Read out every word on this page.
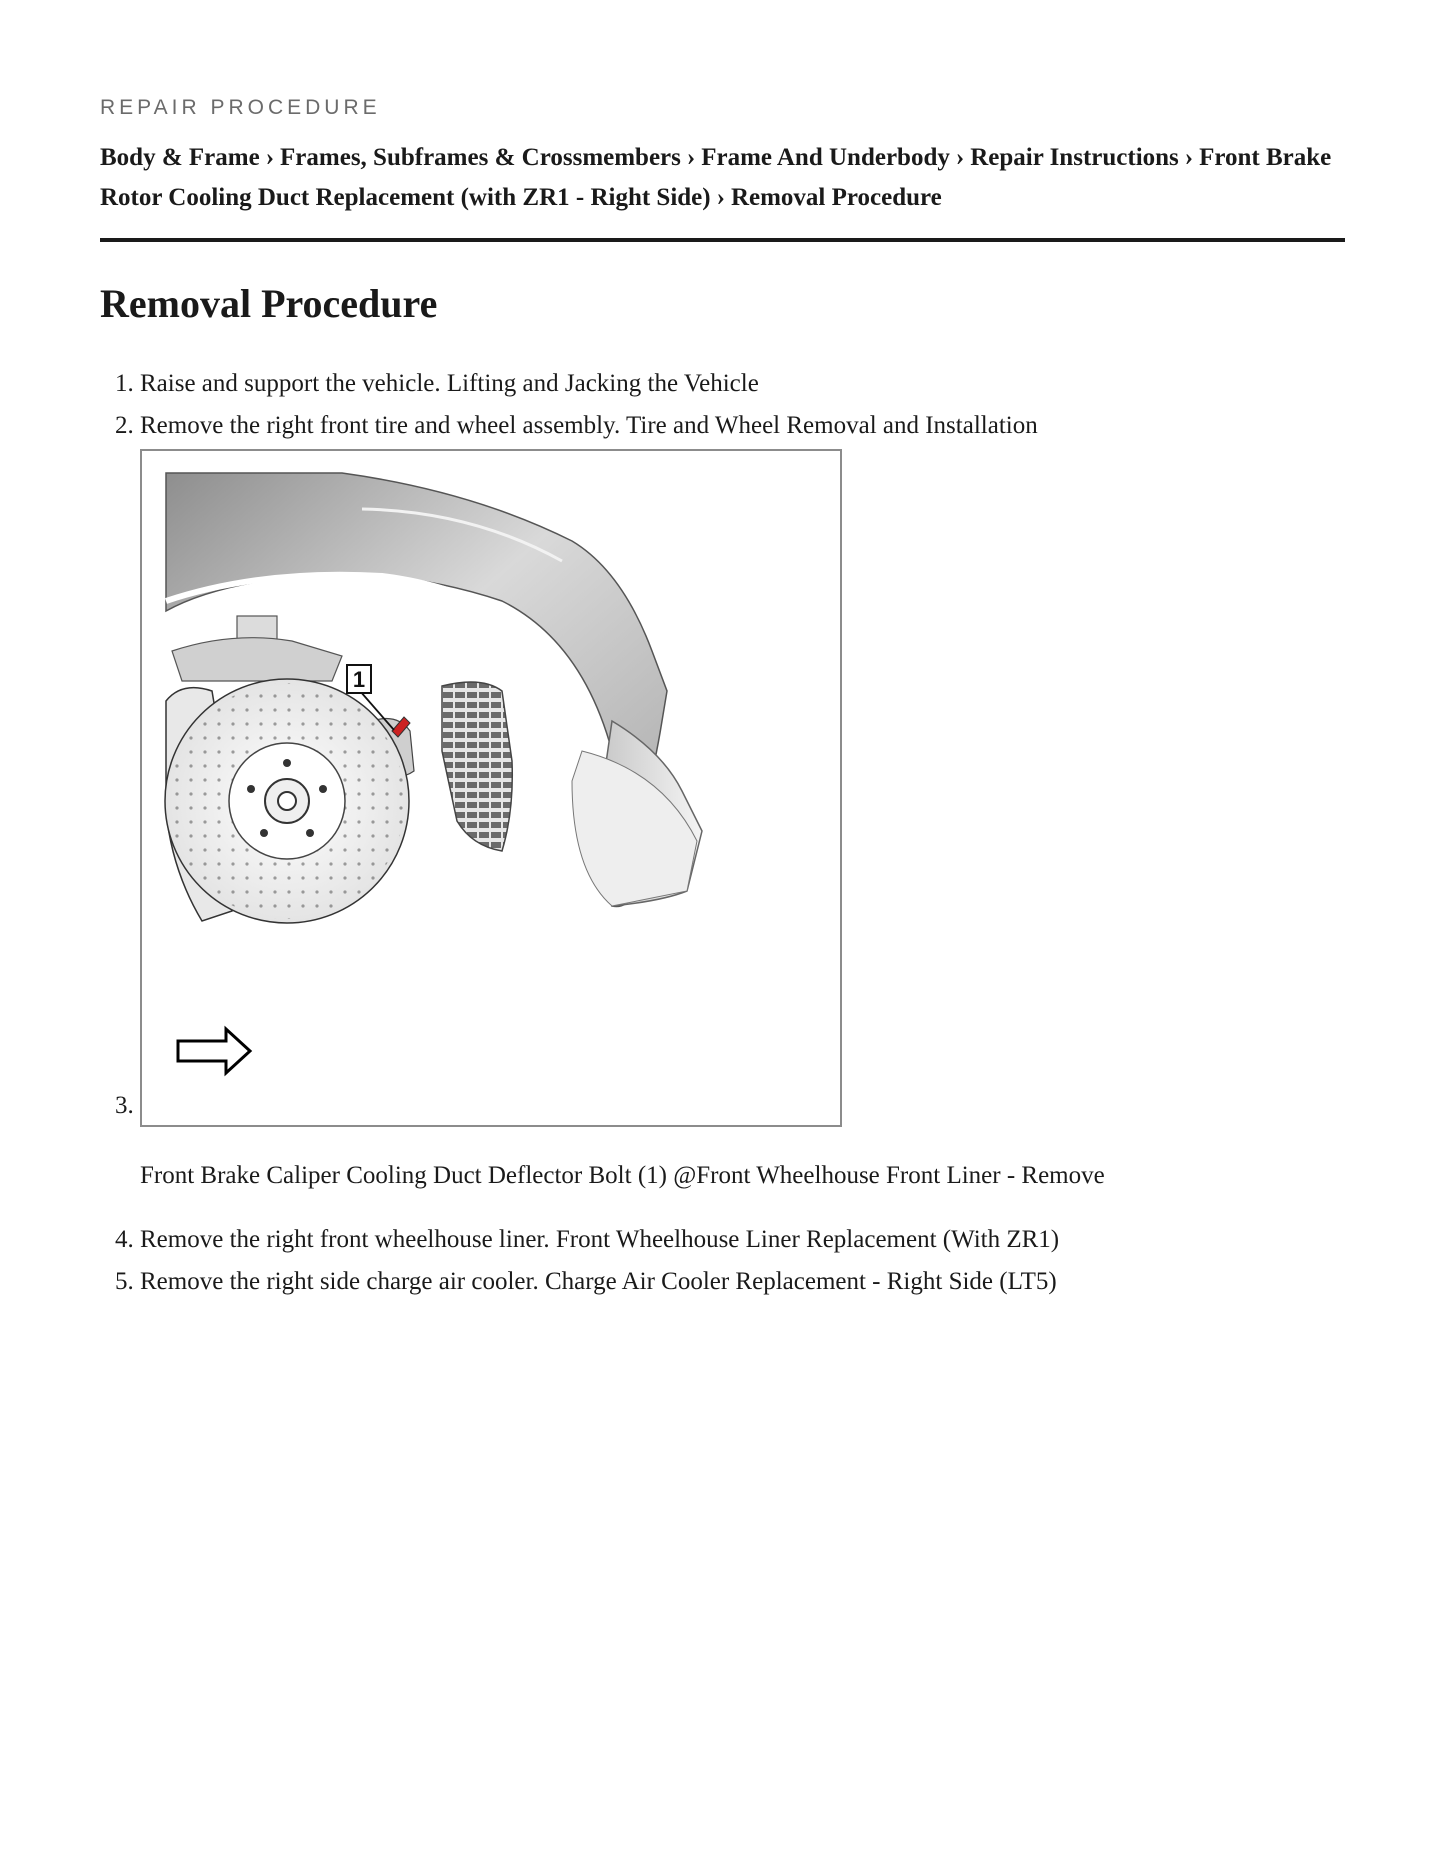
REPAIR PROCEDURE
Body & Frame › Frames, Subframes & Crossmembers › Frame And Underbody › Repair Instructions › Front Brake Rotor Cooling Duct Replacement (with ZR1 - Right Side) › Removal Procedure
Removal Procedure
1. Raise and support the vehicle. Lifting and Jacking the Vehicle
2. Remove the right front tire and wheel assembly. Tire and Wheel Removal and Installation
3. 1
Front Brake Caliper Cooling Duct Deflector Bolt (1) @Front Wheelhouse Front Liner - Remove
4. Remove the right front wheelhouse liner. Front Wheelhouse Liner Replacement (With ZR1)
5. Remove the right side charge air cooler. Charge Air Cooler Replacement - Right Side (LT5)
